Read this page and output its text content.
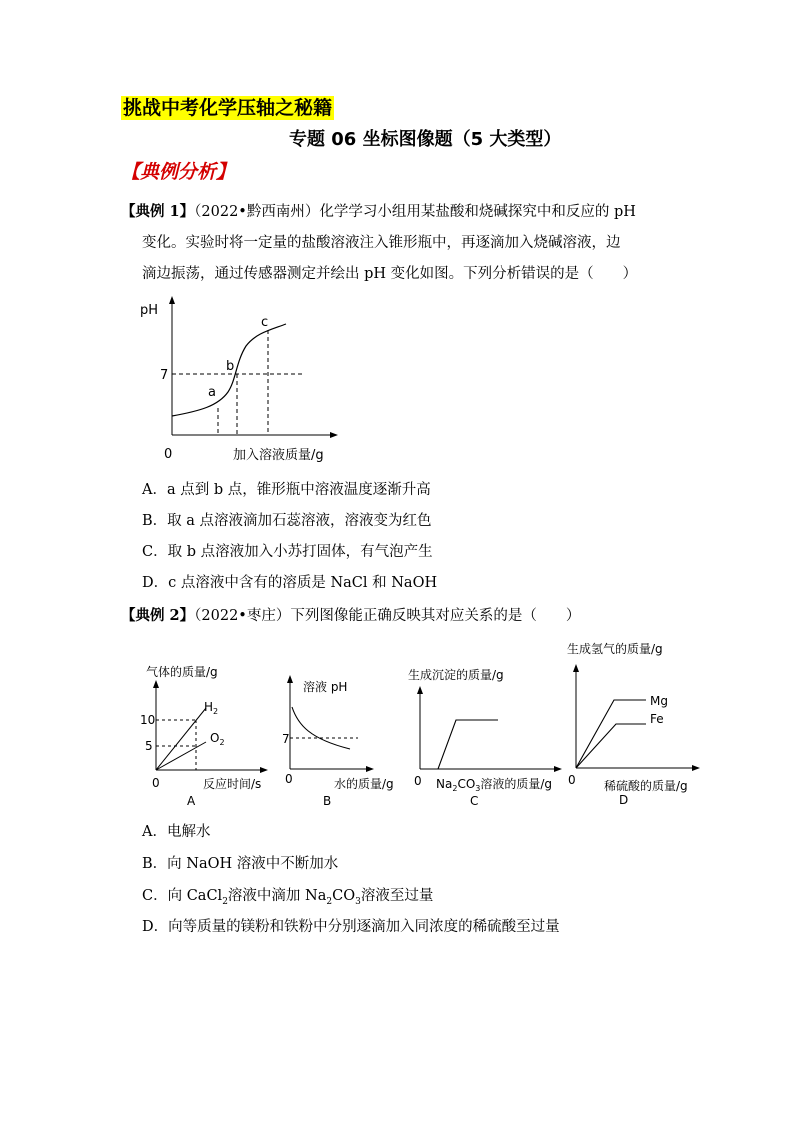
挑战中考化学压轴之秘籍
专题 06 坐标图像题（5 大类型）
【典例分析】
【典例 1】（2022•黔西南州）化学学习小组用某盐酸和烧碱探究中和反应的 pH
变化。实验时将一定量的盐酸溶液注入锥形瓶中，再逐滴加入烧碱溶液，边
滴边振荡，通过传感器测定并绘出 pH 变化如图。下列分析错误的是（　　）
pH
0	加入溶液质量/g
7
a
b
c
A．a 点到 b 点，锥形瓶中溶液温度逐渐升高
B．取 a 点溶液滴加石蕊溶液，溶液变为红色
C．取 b 点溶液加入小苏打固体，有气泡产生
D．c 点溶液中含有的溶质是 NaCl 和 NaOH
【典例 2】（2022•枣庄）下列图像能正确反映其对应关系的是（　　）
气体的质量/g
0	反应时间/s
10
5
$H_2$
$O_2$
A
溶液 pH
0	水的质量/g
7
B
生成沉淀的质量/g
0 $Na_2CO_3$溶液的质量/g
C
生成氢气的质量/g
0 稀硫酸的质量/g
Mg
Fe
D
A．电解水
B．向 NaOH 溶液中不断加水
C．向 CaCl$_2$溶液中滴加 $Na_2CO_3$溶液至过量
D．向等质量的镁粉和铁粉中分别逐滴加入同浓度的稀硫酸至过量
